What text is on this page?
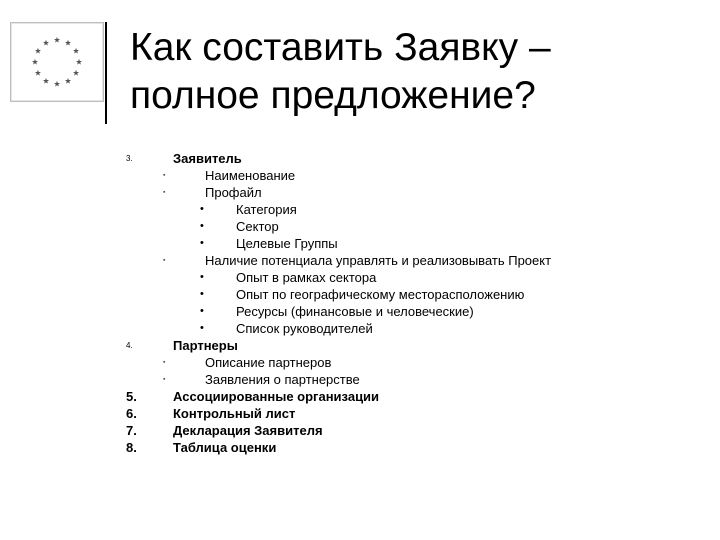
Как составить Заявку –
полное предложение?
3.	Заявитель
▪	Наименование
▪	Профайл
• Категория
• Сектор
• Целевые Группы
▪	Наличие потенциала управлять и реализовывать Проект
• Опыт в рамках сектора
• Опыт по географическому месторасположению
• Ресурсы (финансовые и человеческие)
• Список руководителей
4.	Партнеры
▪	Описание партнеров
▪	Заявления о партнерстве
5.	Ассоциированные организации
6.	Контрольный лист
7.	Декларация Заявителя
8.	Таблица оценки
